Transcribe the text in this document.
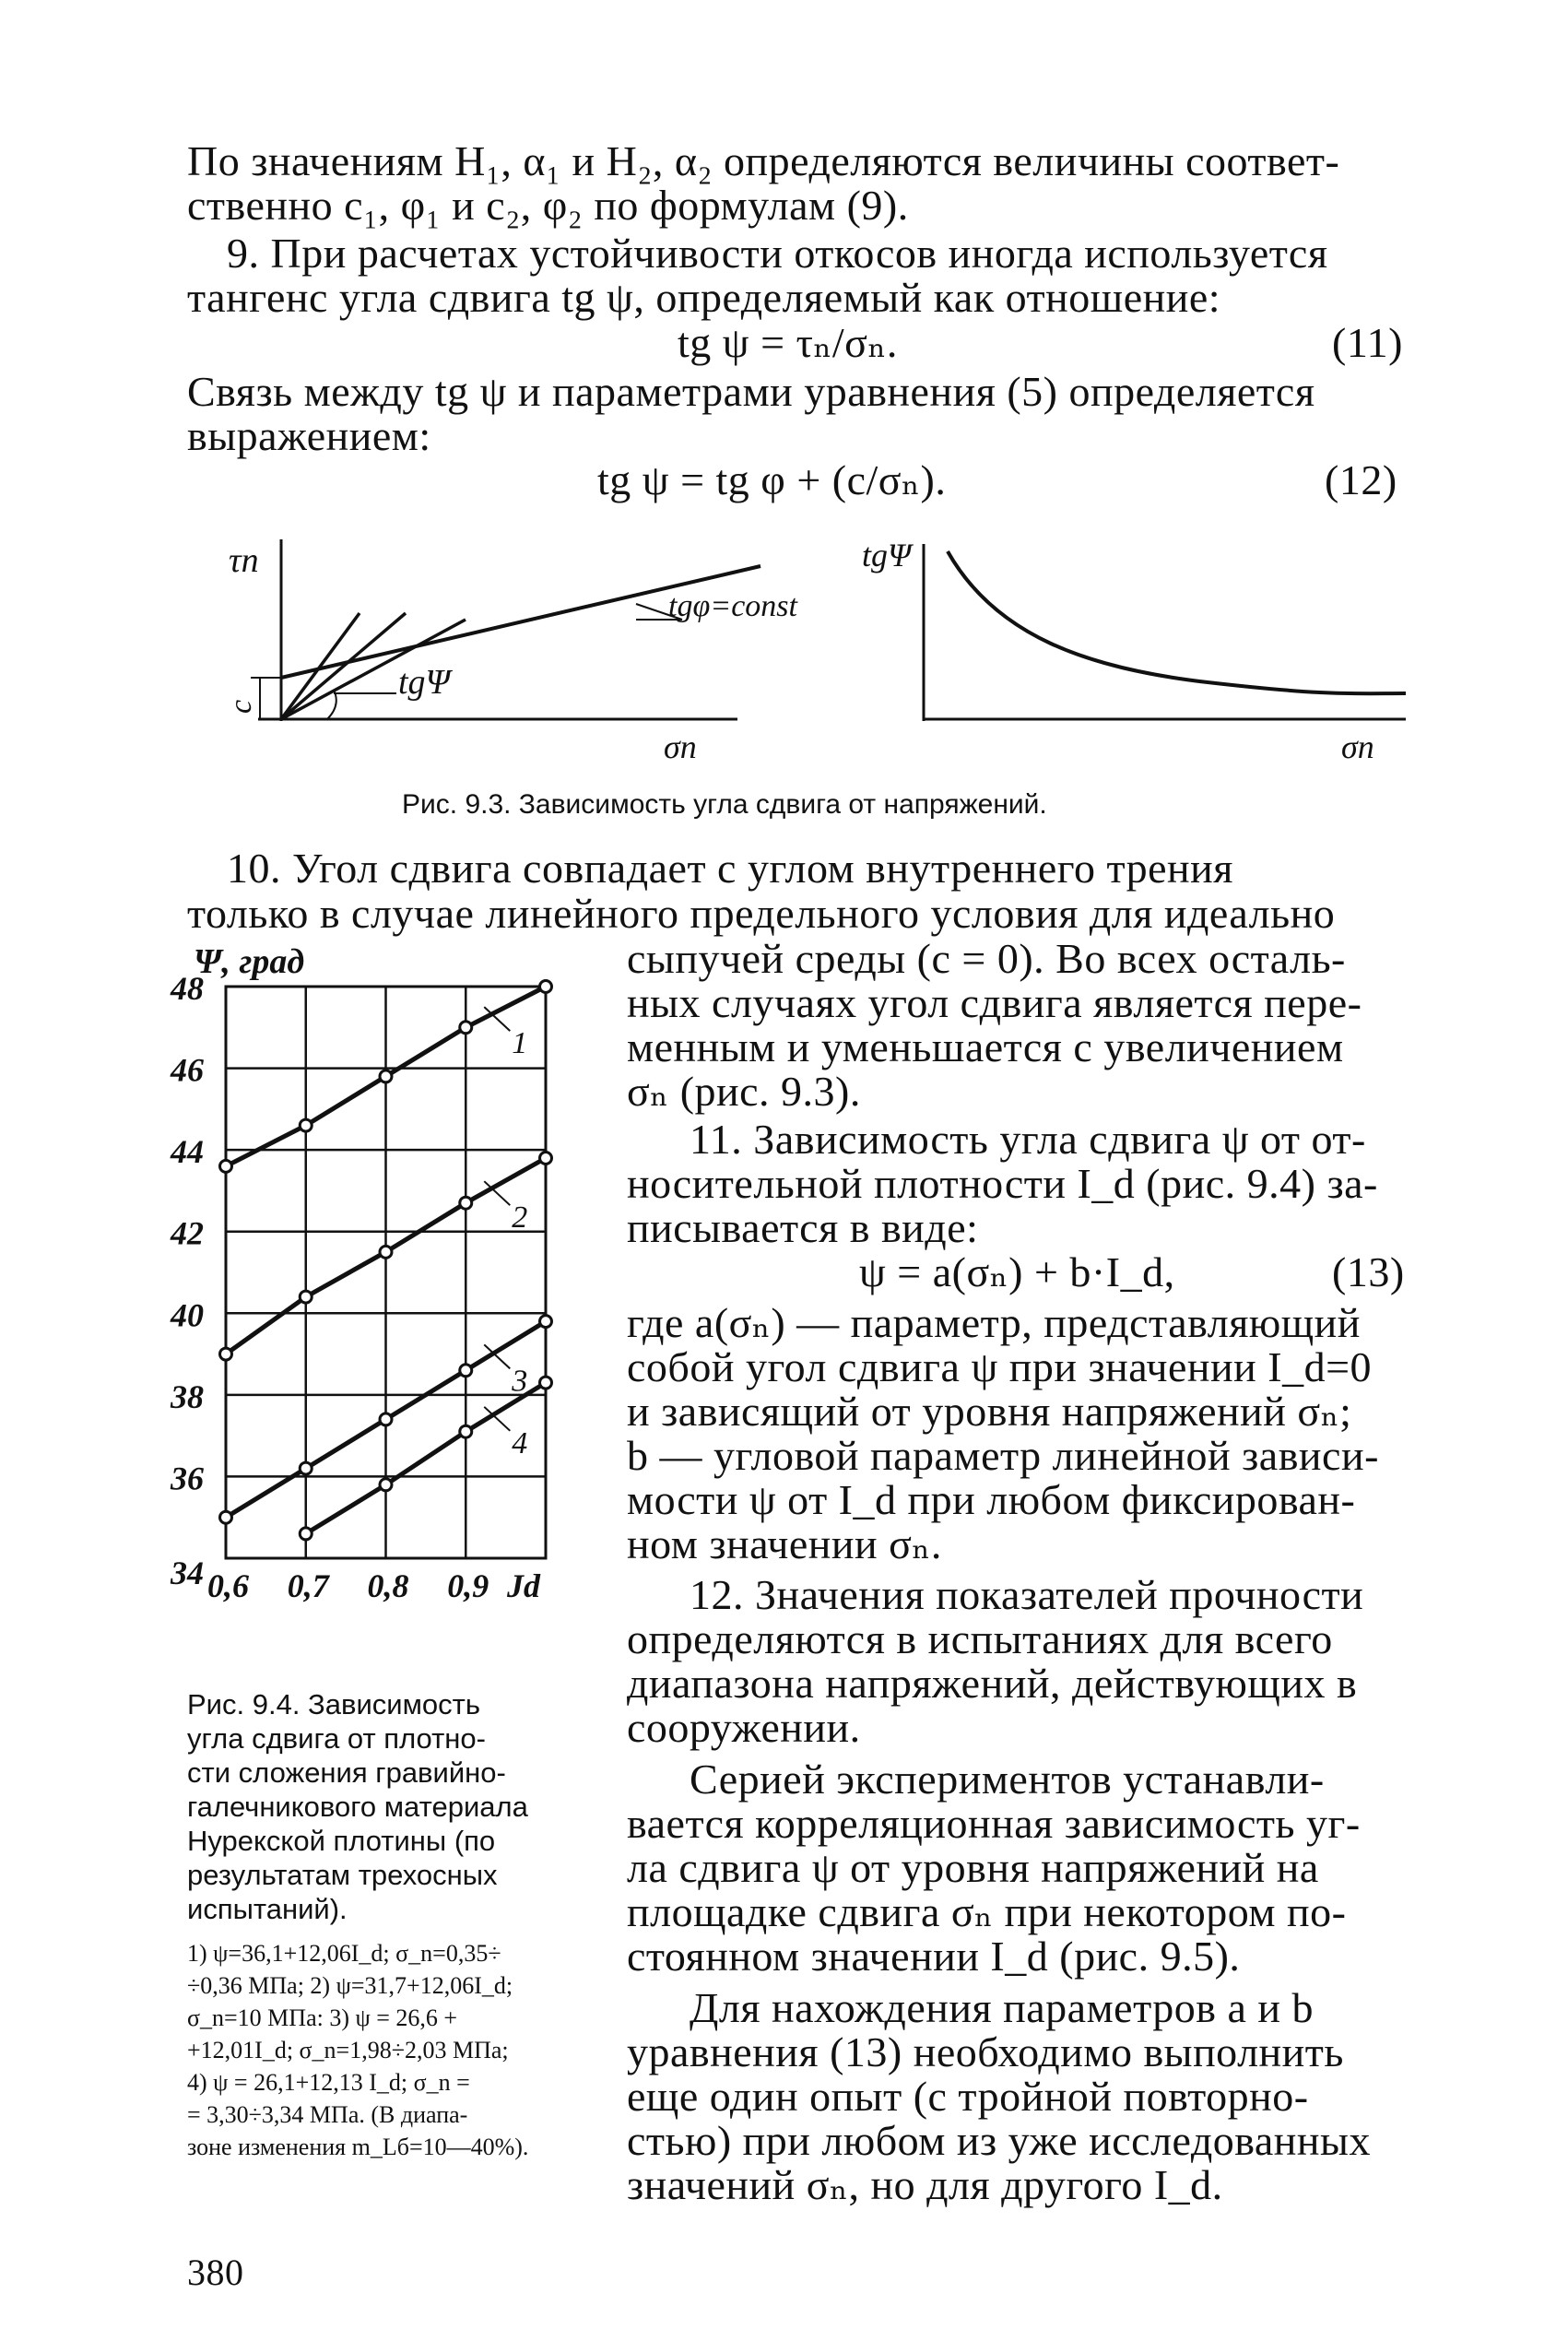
По значениям H₁, α₁ и H₂, α₂ определяются величины соответ-
ственно c₁, φ₁ и c₂, φ₂ по формулам (9).
9. При расчетах устойчивости откосов иногда используется
тангенс угла сдвига tg ψ, определяемый как отношение:
tg ψ = τₙ/σₙ.	(11)
Связь между tg ψ и параметрами уравнения (5) определяется
выражением:
tg ψ = tg φ + (c/σₙ).	(12)
τn
c
tgΨ
tgφ=const
σn
tgΨ
σn
Рис. 9.3. Зависимость угла сдвига от напряжений.
10. Угол сдвига совпадает с углом внутреннего трения
только в случае линейного предельного условия для идеально
сыпучей среды (c = 0). Во всех осталь-
ных случаях угол сдвига является пере-
менным и уменьшается с увеличением
σₙ (рис. 9.3).
11. Зависимость угла сдвига ψ от от-
носительной плотности I_d (рис. 9.4) за-
писывается в виде:
ψ = a(σₙ) + b·I_d,	(13)
где a(σₙ) — параметр, представляющий
собой угол сдвига ψ при значении I_d=0
и зависящий от уровня напряжений σₙ;
b — угловой параметр линейной зависи-
мости ψ от I_d при любом фиксирован-
ном значении σₙ.
12. Значения показателей прочности
определяются в испытаниях для всего
диапазона напряжений, действующих в
сооружении.
Серией экспериментов устанавли-
вается корреляционная зависимость уг-
ла сдвига ψ от уровня напряжений на
площадке сдвига σₙ при некотором по-
стоянном значении I_d (рис. 9.5).
Для нахождения параметров a и b
уравнения (13) необходимо выполнить
еще один опыт (с тройной повторно-
стью) при любом из уже исследованных
значений σₙ, но для другого I_d.
Ψ, град
48
46
44
42
40
38
36
34 0,6 0,7 0,8 0,9 Jd
1
2
3
4
Рис. 9.4. Зависимость
угла сдвига от плотно-
сти сложения гравийно-
галечникового материала
Нурекской плотины (по
результатам трехосных
испытаний).
1) ψ=36,1+12,06I_d; σ_n=0,35÷
÷0,36 МПа; 2) ψ=31,7+12,06I_d;
σ_n=10 МПа: 3) ψ = 26,6 +
+12,01I_d; σ_n=1,98÷2,03 МПа;
4) ψ = 26,1+12,13 I_d; σ_n =
= 3,30÷3,34 МПа. (В диапа-
зоне изменения m_Lб=10—40%).
380
